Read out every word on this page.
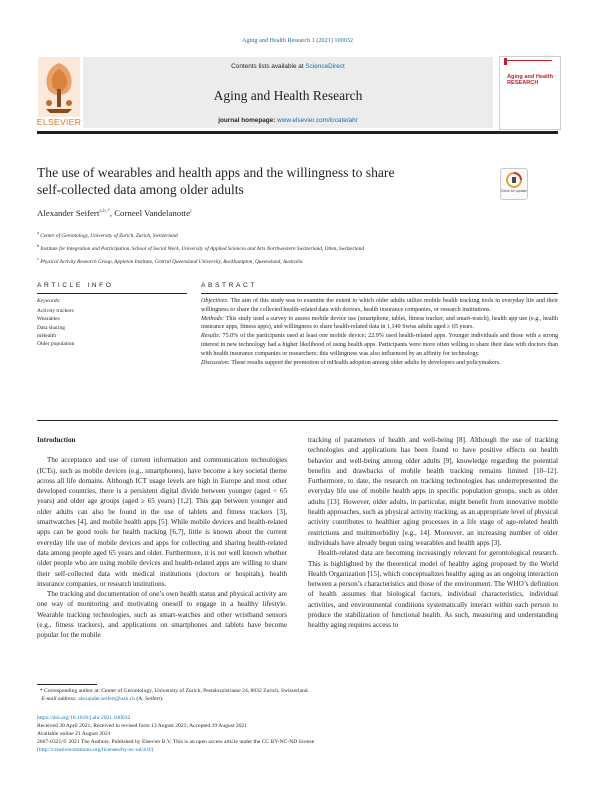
Aging and Health Research 1 (2021) 100032
ELSEVIER
Contents lists available at ScienceDirect
Aging and Health Research
journal homepage: www.elsevier.com/locate/ahr
Aging and Health
RESEARCH
The use of wearables and health apps and the willingness to share
self-collected data among older adults	Check for updates
Alexander Seifert$^{a,b,*}$, Corneel Vandelanotte$^c$
$^a$ Center of Gerontology, University of Zurich, Zurich, Switzerland
$^b$ Institute for Integration and Participation, School of Social Work, University of Applied Sciences and Arts Northwestern Switzerland, Olten, Switzerland
$^c$ Physical Activity Research Group, Appleton Institute, Central Queensland University, Rockhampton, Queensland, Australia
ARTICLE INFO	ABSTRACT
Keywords:
Activity trackers
Wearables
Data sharing
mHealth
Older population

Objectives: The aim of this study was to examine the extent to which older adults utilize mobile health tracking tools in everyday life and their willingness to share the collected health-related data with doctors, health insurance companies, or research institutions.

Methods: This study used a survey to assess mobile device use (smartphone, tablet, fitness tracker, and smart-watch), health app use (e.g., health insurance apps, fitness apps), and willingness to share health-related data in 1,149 Swiss adults aged ≥ 65 years.

Results: 75.0% of the participants used at least one mobile device; 22.9% used health-related apps. Younger individuals and those with a strong interest in new technology had a higher likelihood of using health apps. Participants were more often willing to share their data with doctors than with health insurance companies or researchers; this willingness was also influenced by an affinity for technology.

Discussion: These results support the promotion of mHealth adoption among older adults by developers and policymakers.

Introduction

The acceptance and use of current information and communication technologies (ICTs), such as mobile devices (e.g., smartphones), have become a key societal theme across all life domains. Although ICT usage levels are high in Europe and most other developed countries, there is a persistent digital divide between younger (aged < 65 years) and older age groups (aged ≥ 65 years) [1,2]. This gap between younger and older adults can also be found in the use of tablets and fitness trackers [3], smartwatches [4], and mobile health apps [5]. While mobile devices and health-related apps can be good tools for health tracking [6,7], little is known about the current everyday life use of mobile devices and apps for collecting and sharing health-related data among people aged 65 years and older. Furthermore, it is not well known whether older people who are using mobile devices and health-related apps are willing to share their self-collected data with medical institutions (doctors or hospitals), health insurance companies, or research institutions.

The tracking and documentation of one’s own health status and physical activity are one way of monitoring and motivating oneself to engage in a healthy lifestyle. Wearable tracking technologies, such as smart-watches and other wristband sensors (e.g., fitness trackers), and applications on smartphones and tablets have become popular for the mobile

tracking of parameters of health and well-being [8]. Although the use of tracking technologies and applications has been found to have positive effects on health behavior and well-being among older adults [9], knowledge regarding the potential benefits and drawbacks of mobile health tracking remains limited [10–12]. Furthermore, to date, the research on tracking technologies has underrepresented the everyday life use of mobile health apps in specific population groups, such as older adults [13]. However, older adults, in particular, might benefit from innovative mobile health approaches, such as physical activity tracking, as an appropriate level of physical activity contributes to healthier aging processes in a life stage of age-related health restrictions and multimorbidity [e.g., 14]. Moreover, an increasing number of older individuals have already begun using wearables and health apps [3].

Health-related data are becoming increasingly relevant for gerontological research. This is highlighted by the theoretical model of healthy aging proposed by the World Health Organization [15], which conceptualizes healthy aging as an ongoing interaction between a person’s characteristics and those of the environment. The WHO’s definition of health assumes that biological factors, individual characteristics, individual activities, and environmental conditions systematically interact within each person to produce the stabilization of functional health. As such, measuring and understanding healthy aging requires access to

* Corresponding author at: Center of Gerontology, University of Zurich, Pestalozzistrasse 24, 8032 Zurich, Switzerland.
E-mail address: alexander.seifert@uzh.ch (A. Seifert).
https://doi.org/10.1016/j.ahr.2021.100032
Received 30 April 2021; Received in revised form 13 August 2021; Accepted 19 August 2021
Available online 21 August 2021
2667-0321/© 2021 The Authors. Published by Elsevier B.V. This is an open access article under the CC BY-NC-ND license
(http://creativecommons.org/licenses/by-nc-nd/4.0/)
